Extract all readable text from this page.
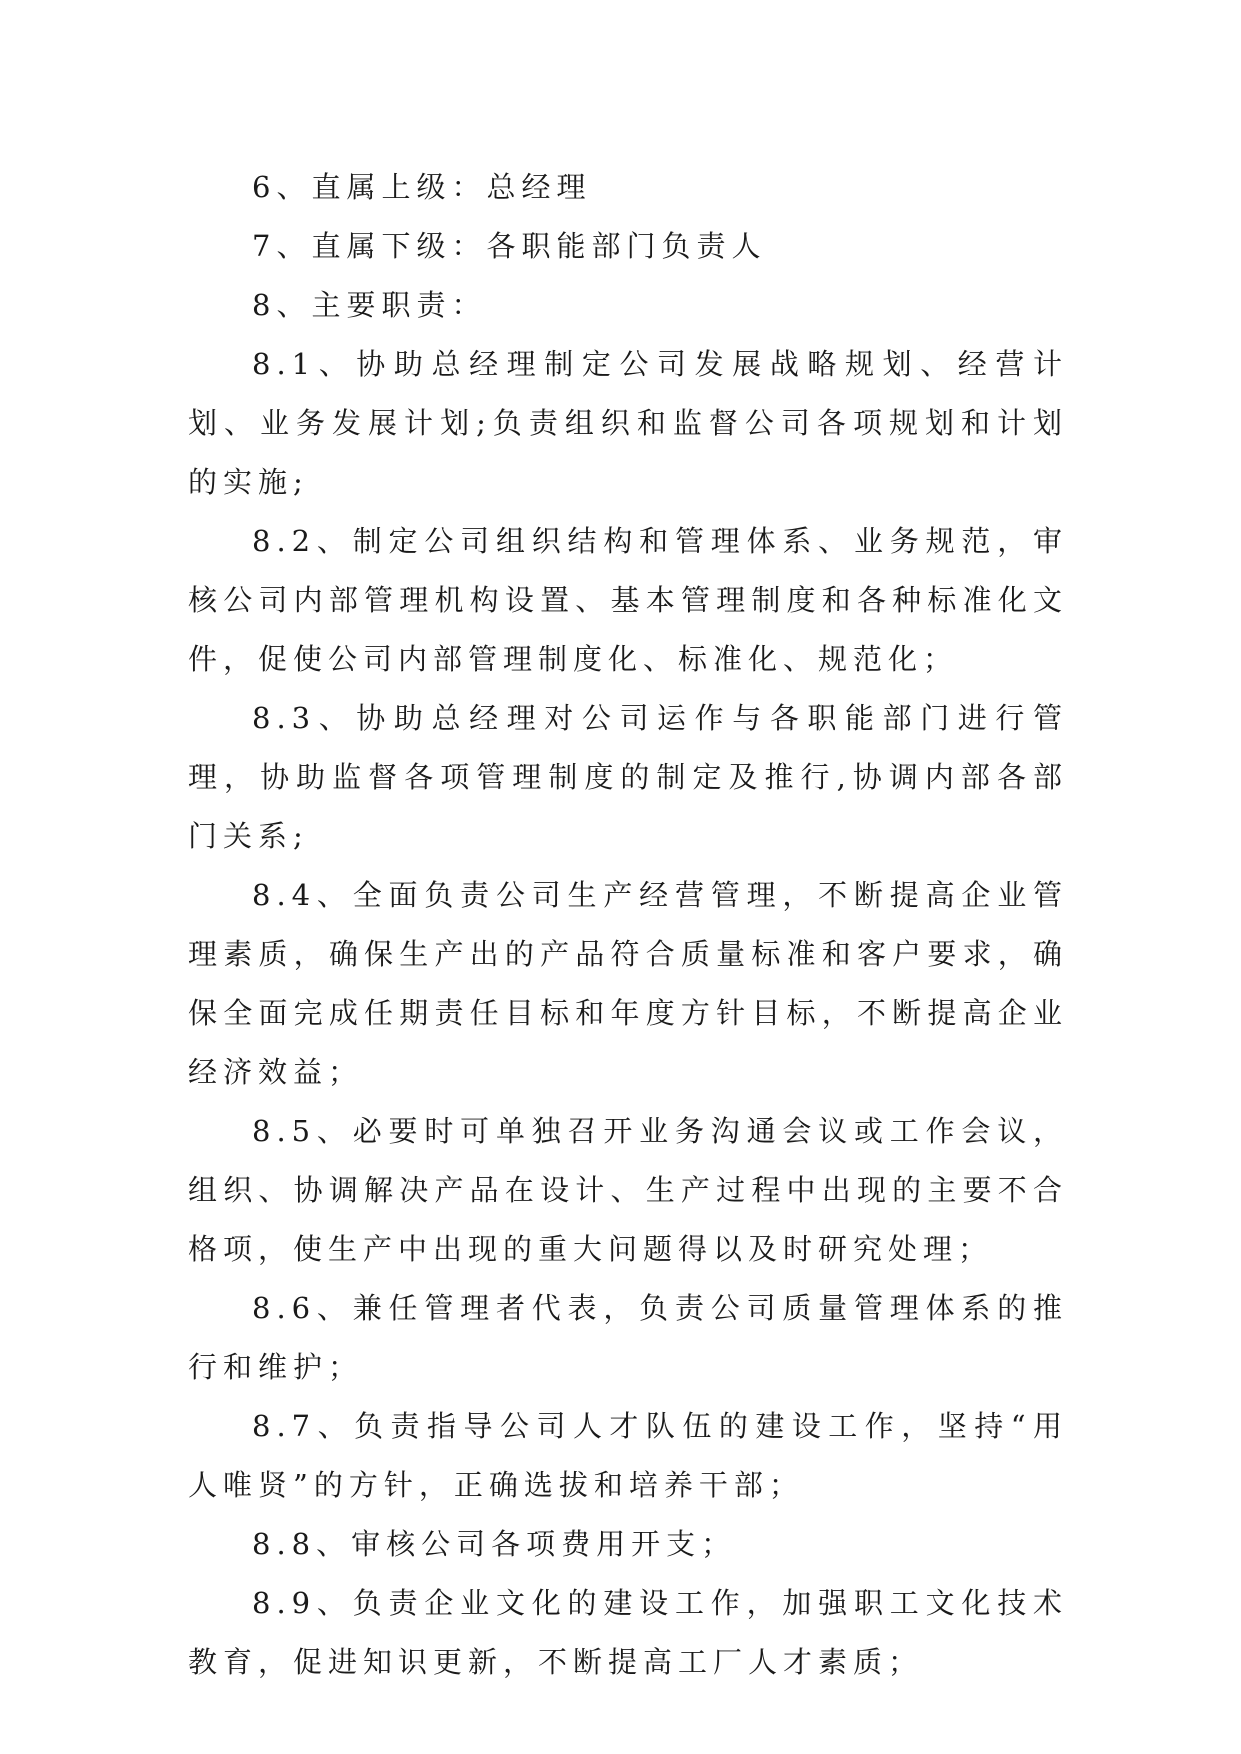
6、直属上级：总经理

7、直属下级：各职能部门负责人

8、主要职责：

8.1、协助总经理制定公司发展战略规划、经营计划、业务发展计划;负责组织和监督公司各项规划和计划的实施;

8.2、制定公司组织结构和管理体系、业务规范，审核公司内部管理机构设置、基本管理制度和各种标准化文件，促使公司内部管理制度化、标准化、规范化；

8.3、协助总经理对公司运作与各职能部门进行管理，协助监督各项管理制度的制定及推行,协调内部各部门关系;

8.4、全面负责公司生产经营管理，不断提高企业管理素质，确保生产出的产品符合质量标准和客户要求，确保全面完成任期责任目标和年度方针目标，不断提高企业经济效益；

8.5、必要时可单独召开业务沟通会议或工作会议，组织、协调解决产品在设计、生产过程中出现的主要不合格项，使生产中出现的重大问题得以及时研究处理；

8.6、兼任管理者代表，负责公司质量管理体系的推行和维护；

8.7、负责指导公司人才队伍的建设工作，坚持“用人唯贤”的方针，正确选拔和培养干部；

8.8、审核公司各项费用开支；

8.9、负责企业文化的建设工作，加强职工文化技术教育，促进知识更新，不断提高工厂人才素质；
